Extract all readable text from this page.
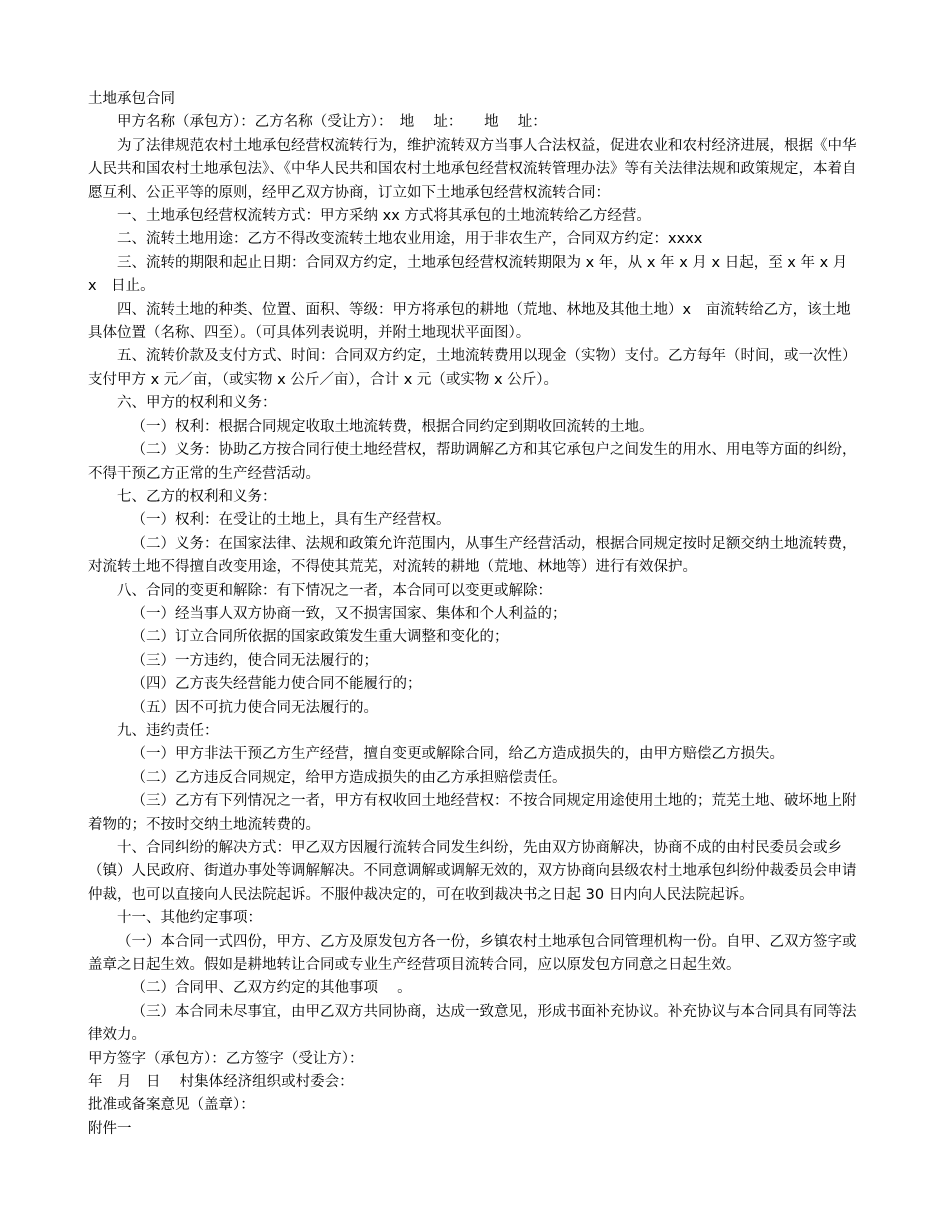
土地承包合同

甲方名称（承包方）：乙方名称（受让方）：　地　 址：　　地　 址：

为了法律规范农村土地承包经营权流转行为，维护流转双方当事人合法权益，促进农业和农村经济进展，根据《中华人民共和国农村土地承包法》、《中华人民共和国农村土地承包经营权流转管理办法》等有关法律法规和政策规定，本着自愿互利、公正平等的原则，经甲乙双方协商，订立如下土地承包经营权流转合同：

一、土地承包经营权流转方式：甲方采纳 xx 方式将其承包的土地流转给乙方经营。

二、流转土地用途：乙方不得改变流转土地农业用途，用于非农生产，合同双方约定：xxxx

三、流转的期限和起止日期：合同双方约定，土地承包经营权流转期限为 x 年，从 x 年 x 月 x 日起，至 x 年 x 月 x　日止。

四、流转土地的种类、位置、面积、等级：甲方将承包的耕地（荒地、林地及其他土地）x　亩流转给乙方，该土地具体位置（名称、四至）。（可具体列表说明，并附土地现状平面图）。

五、流转价款及支付方式、时间：合同双方约定，土地流转费用以现金（实物）支付。乙方每年（时间，或一次性）支付甲方 x 元／亩，（或实物 x 公斤／亩），合计 x 元（或实物 x 公斤）。

六、甲方的权利和义务：

（一）权利：根据合同规定收取土地流转费，根据合同约定到期收回流转的土地。

（二）义务：协助乙方按合同行使土地经营权，帮助调解乙方和其它承包户之间发生的用水、用电等方面的纠纷，不得干预乙方正常的生产经营活动。

七、乙方的权利和义务：

（一）权利：在受让的土地上，具有生产经营权。

（二）义务：在国家法律、法规和政策允许范围内，从事生产经营活动，根据合同规定按时足额交纳土地流转费，对流转土地不得擅自改变用途，不得使其荒芜，对流转的耕地（荒地、林地等）进行有效保护。

八、合同的变更和解除：有下情况之一者，本合同可以变更或解除：

（一）经当事人双方协商一致，又不损害国家、集体和个人利益的；

（二）订立合同所依据的国家政策发生重大调整和变化的；

（三）一方违约，使合同无法履行的；

（四）乙方丧失经营能力使合同不能履行的；

（五）因不可抗力使合同无法履行的。

九、违约责任：

（一）甲方非法干预乙方生产经营，擅自变更或解除合同，给乙方造成损失的，由甲方赔偿乙方损失。

（二）乙方违反合同规定，给甲方造成损失的由乙方承担赔偿责任。

（三）乙方有下列情况之一者，甲方有权收回土地经营权：不按合同规定用途使用土地的；荒芜土地、破坏地上附着物的；不按时交纳土地流转费的。

十、合同纠纷的解决方式：甲乙双方因履行流转合同发生纠纷，先由双方协商解决，协商不成的由村民委员会或乡（镇）人民政府、街道办事处等调解解决。不同意调解或调解无效的，双方协商向县级农村土地承包纠纷仲裁委员会申请仲裁，也可以直接向人民法院起诉。不服仲裁决定的，可在收到裁决书之日起 30 日内向人民法院起诉。

十一、其他约定事项：

（一）本合同一式四份，甲方、乙方及原发包方各一份，乡镇农村土地承包合同管理机构一份。自甲、乙双方签字或盖章之日起生效。假如是耕地转让合同或专业生产经营项目流转合同，应以原发包方同意之日起生效。

（二）合同甲、乙双方约定的其他事项　 。

（三）本合同未尽事宜，由甲乙双方共同协商，达成一致意见，形成书面补充协议。补充协议与本合同具有同等法律效力。

甲方签字（承包方）：乙方签字（受让方）：

年　月　日　 村集体经济组织或村委会：

批准或备案意见（盖章）：

附件一
